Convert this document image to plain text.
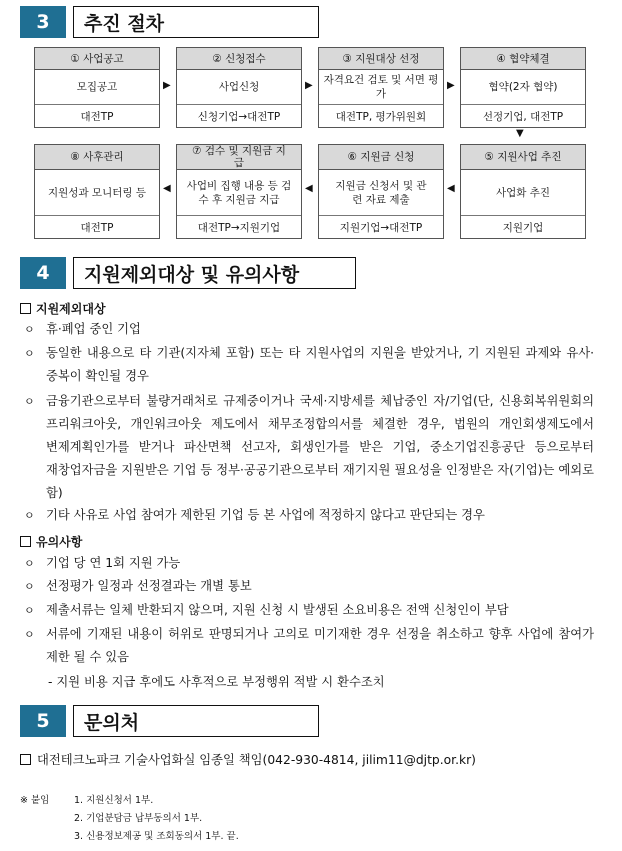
3	추진 절차
① 사업공고
모집공고
대전TP
▶
② 신청접수
사업신청
신청기업→대전TP
▶
③ 지원대상 선정
자격요건 검토 및 서면 평가
대전TP, 평가위원회
▶
④ 협약체결
협약(2자 협약)
선정기업, 대전TP
▼
⑧ 사후관리
지원성과 모니터링 등
대전TP
◀
⑦ 검수 및 지원금 지급
사업비 집행 내용 등 검수 후 지원금 지급
대전TP→지원기업
◀
⑥ 지원금 신청
지원금 신청서 및 관련 자료 제출
지원기업→대전TP
◀
⑤ 지원사업 추진
사업화 추진
지원기업
4	지원제외대상 및 유의사항
지원제외대상
ㅇ 휴·폐업 중인 기업
ㅇ 동일한 내용으로 타 기관(지자체 포함) 또는 타 지원사업의 지원을 받았거나, 기 지원된 과제와 유사·중복이 확인될 경우
ㅇ 금융기관으로부터 불량거래처로 규제중이거나 국세·지방세를 체납중인 자/기업(단, 신용회복위원회의 프리워크아웃, 개인워크아웃 제도에서 채무조정합의서를 체결한 경우, 법원의 개인회생제도에서 변제계획인가를 받거나 파산면책 선고자, 회생인가를 받은 기업, 중소기업진흥공단 등으로부터 재창업자금을 지원받은 기업 등 정부·공공기관으로부터 재기지원 필요성을 인정받은 자(기업)는 예외로 함)
ㅇ 기타 사유로 사업 참여가 제한된 기업 등 본 사업에 적정하지 않다고 판단되는 경우
유의사항
ㅇ 기업 당 연 1회 지원 가능
ㅇ 선정평가 일정과 선정결과는 개별 통보
ㅇ 제출서류는 일체 반환되지 않으며, 지원 신청 시 발생된 소요비용은 전액 신청인이 부담
ㅇ 서류에 기재된 내용이 허위로 판명되거나 고의로 미기재한 경우 선정을 취소하고 향후 사업에 참여가 제한 될 수 있음
- 지원 비용 지급 후에도 사후적으로 부정행위 적발 시 환수조치
5	문의처
대전테크노파크 기술사업화실 임종일 책임(042-930-4814, jilim11@djtp.or.kr)
※ 붙임	1. 지원신청서 1부.
2. 기업분담금 납부동의서 1부.
3. 신용정보제공 및 조회동의서 1부. 끝.
